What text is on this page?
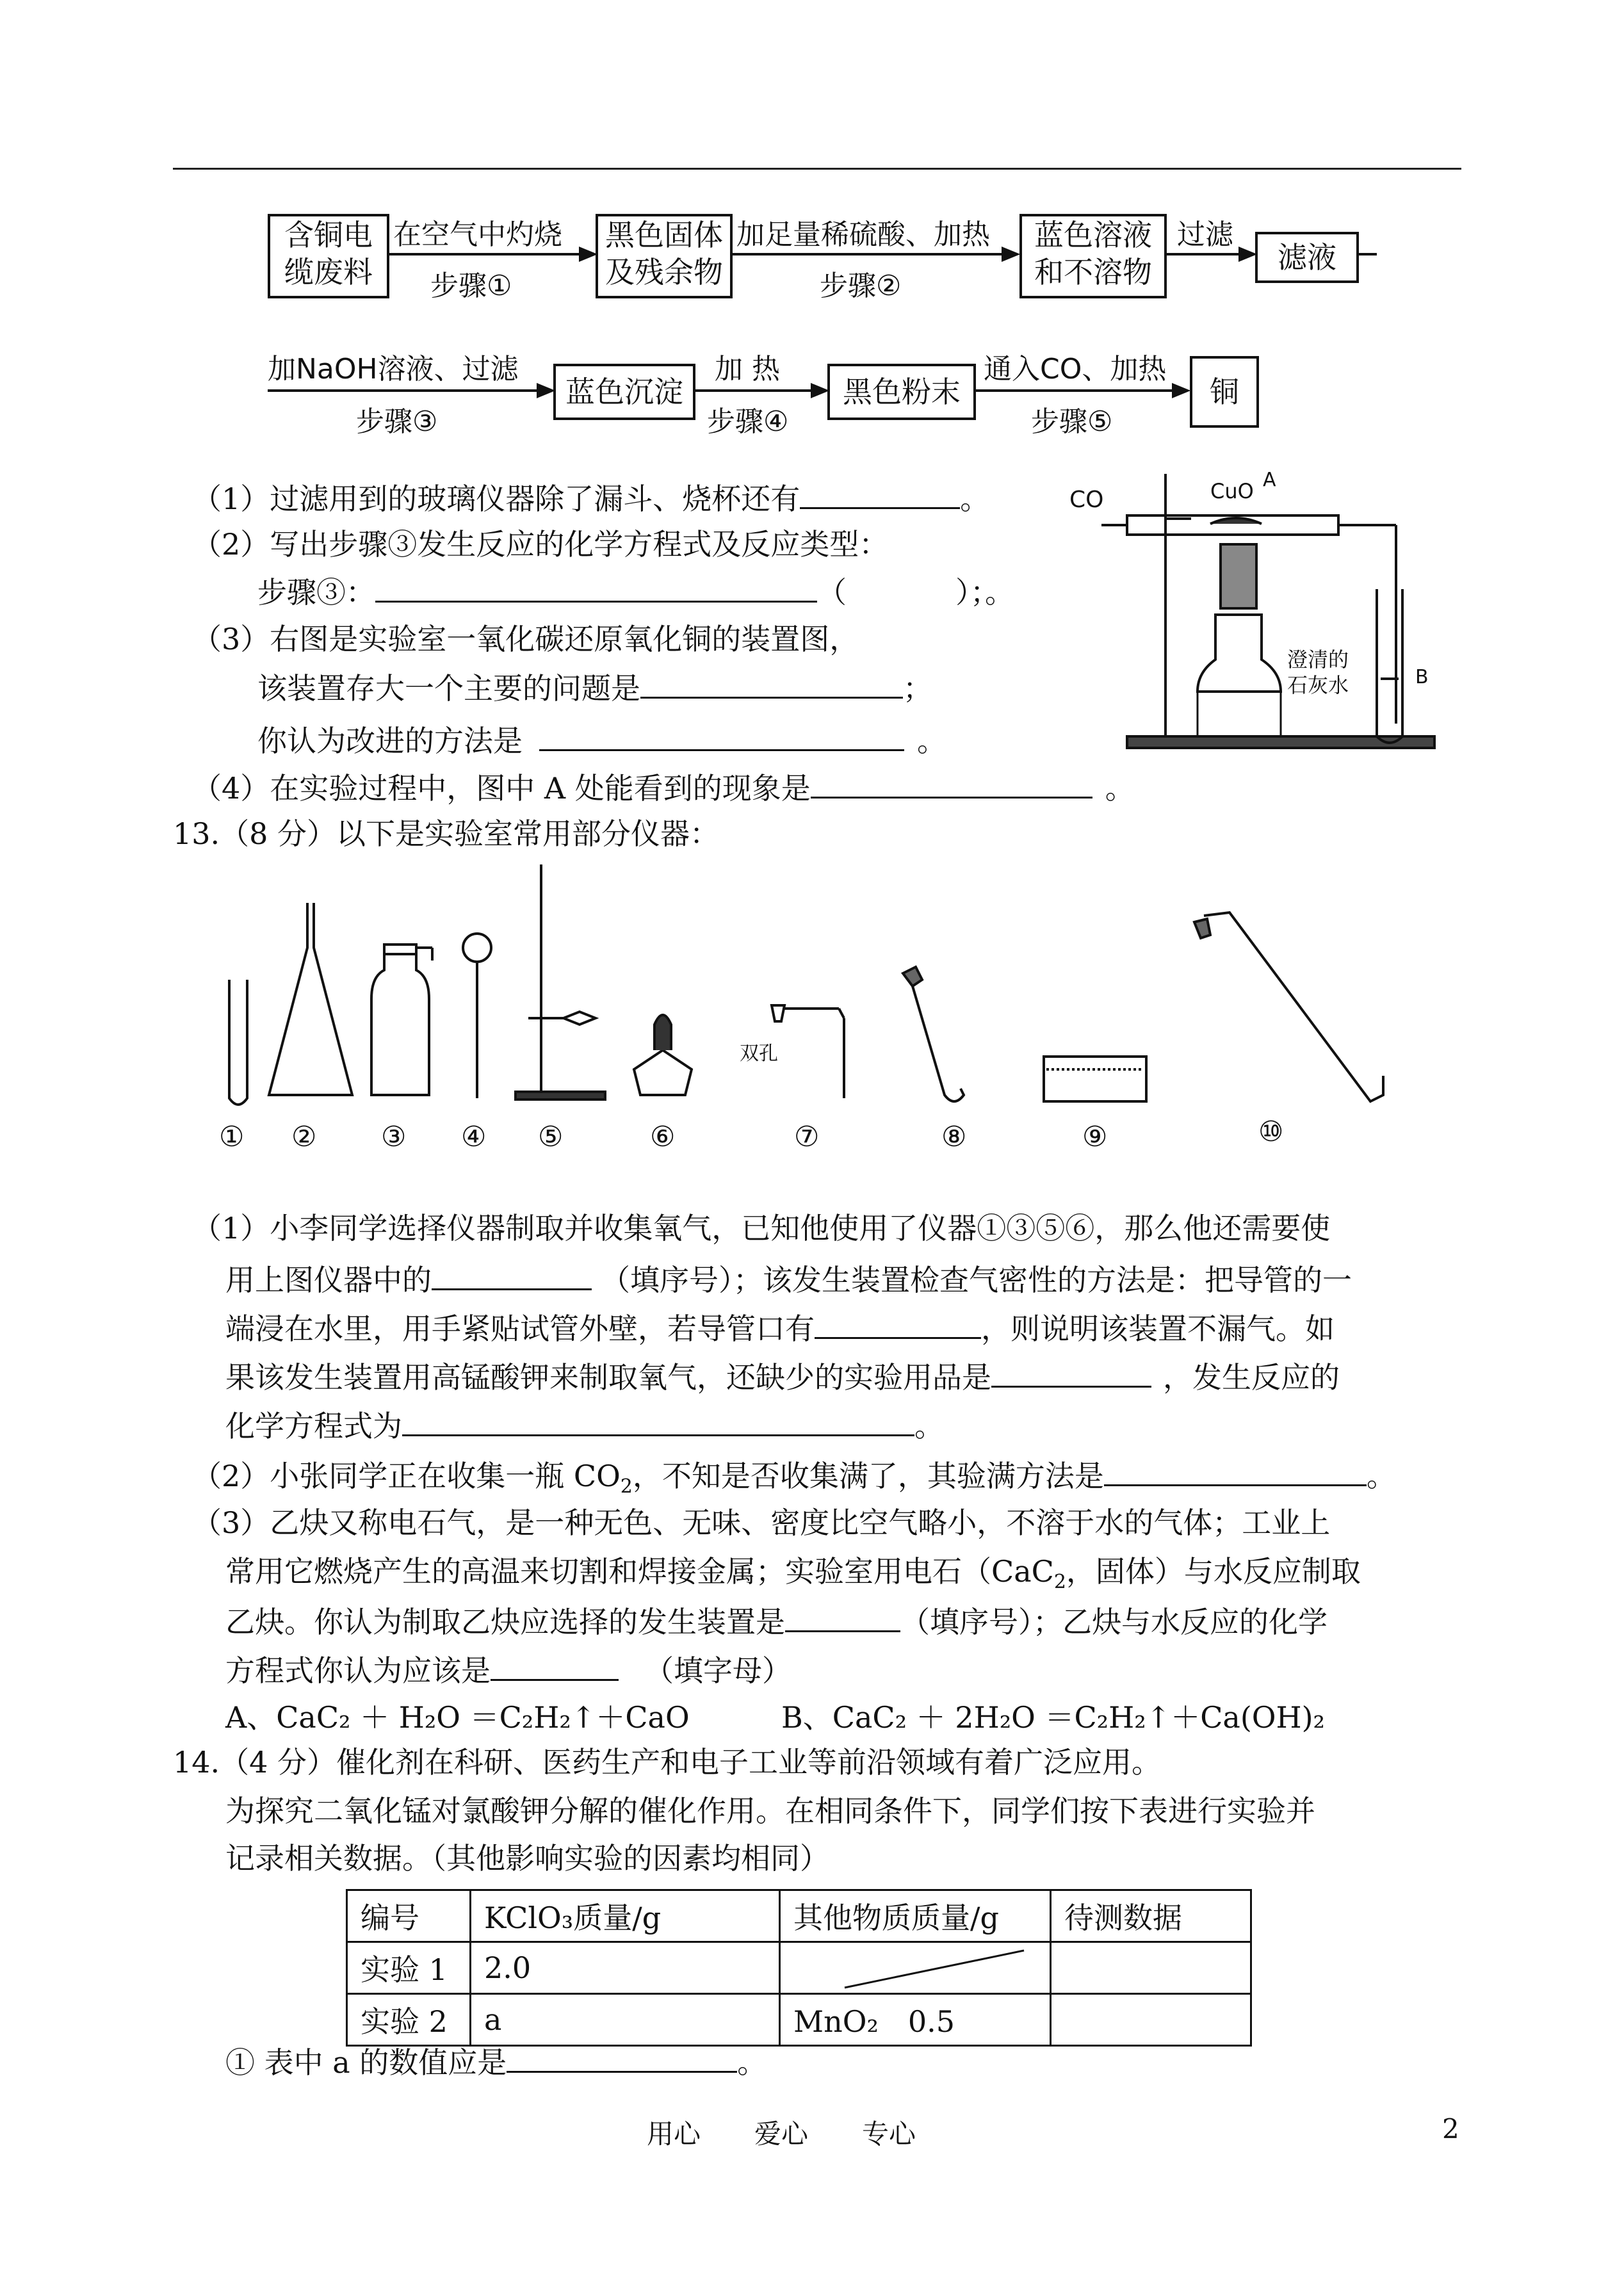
含铜电
缆废料
在空气中灼烧
步骤①
黑色固体
及残余物
加足量稀硫酸、加热
步骤②
蓝色溶液
和不溶物
过滤
滤液
加NaOH溶液、过滤
步骤③
蓝色沉淀
加 热
步骤④
黑色粉末
通入CO、加热
步骤⑤
铜
（1）过滤用到的玻璃仪器除了漏斗、烧杯还有	。
（2）写出步骤③发生反应的化学方程式及反应类型：
步骤③：	（	）；。
（3）右图是实验室一氧化碳还原氧化铜的装置图，
该装置存大一个主要的问题是	；
你认为改进的方法是	。
（4）在实验过程中，图中 A 处能看到的现象是	。
CO	CuO A
澄清的
石灰水	B
13.（8 分）以下是实验室常用部分仪器：
双孔
① ② ③ ④ ⑤	⑥	⑦	⑧	⑨	⑩
（1）小李同学选择仪器制取并收集氧气，已知他使用了仪器①③⑤⑥，那么他还需要使
用上图仪器中的	（填序号）；该发生装置检查气密性的方法是：把导管的一
端浸在水里，用手紧贴试管外壁，若导管口有	，则说明该装置不漏气。如
果该发生装置用高锰酸钾来制取氧气，还缺少的实验用品是	，发生反应的
化学方程式为	。
（2）小张同学正在收集一瓶 $CO_2$，不知是否收集满了，其验满方法是	。
（3）乙炔又称电石气，是一种无色、无味、密度比空气略小，不溶于水的气体；工业上
常用它燃烧产生的高温来切割和焊接金属；实验室用电石（CaC$_2$，固体）与水反应制取
乙炔。你认为制取乙炔应选择的发生装置是	（填序号）；乙炔与水反应的化学
方程式你认为应该是	（填字母）
A、CaC₂ ＋ H₂O ＝C₂H₂↑＋CaO	B、CaC₂ ＋ 2H₂O ＝C₂H₂↑＋Ca(OH)₂
14.（4 分）催化剂在科研、医药生产和电子工业等前沿领域有着广泛应用。
为探究二氧化锰对氯酸钾分解的催化作用。在相同条件下，同学们按下表进行实验并
记录相关数据。（其他影响实验的因素均相同）
编号	KClO₃质量/g	其他物质质量/g	待测数据
实验 1	2.0	

实验 2	a	MnO₂　0.5	
① 表中 a 的数值应是	。
用心　　爱心　　专心	2
